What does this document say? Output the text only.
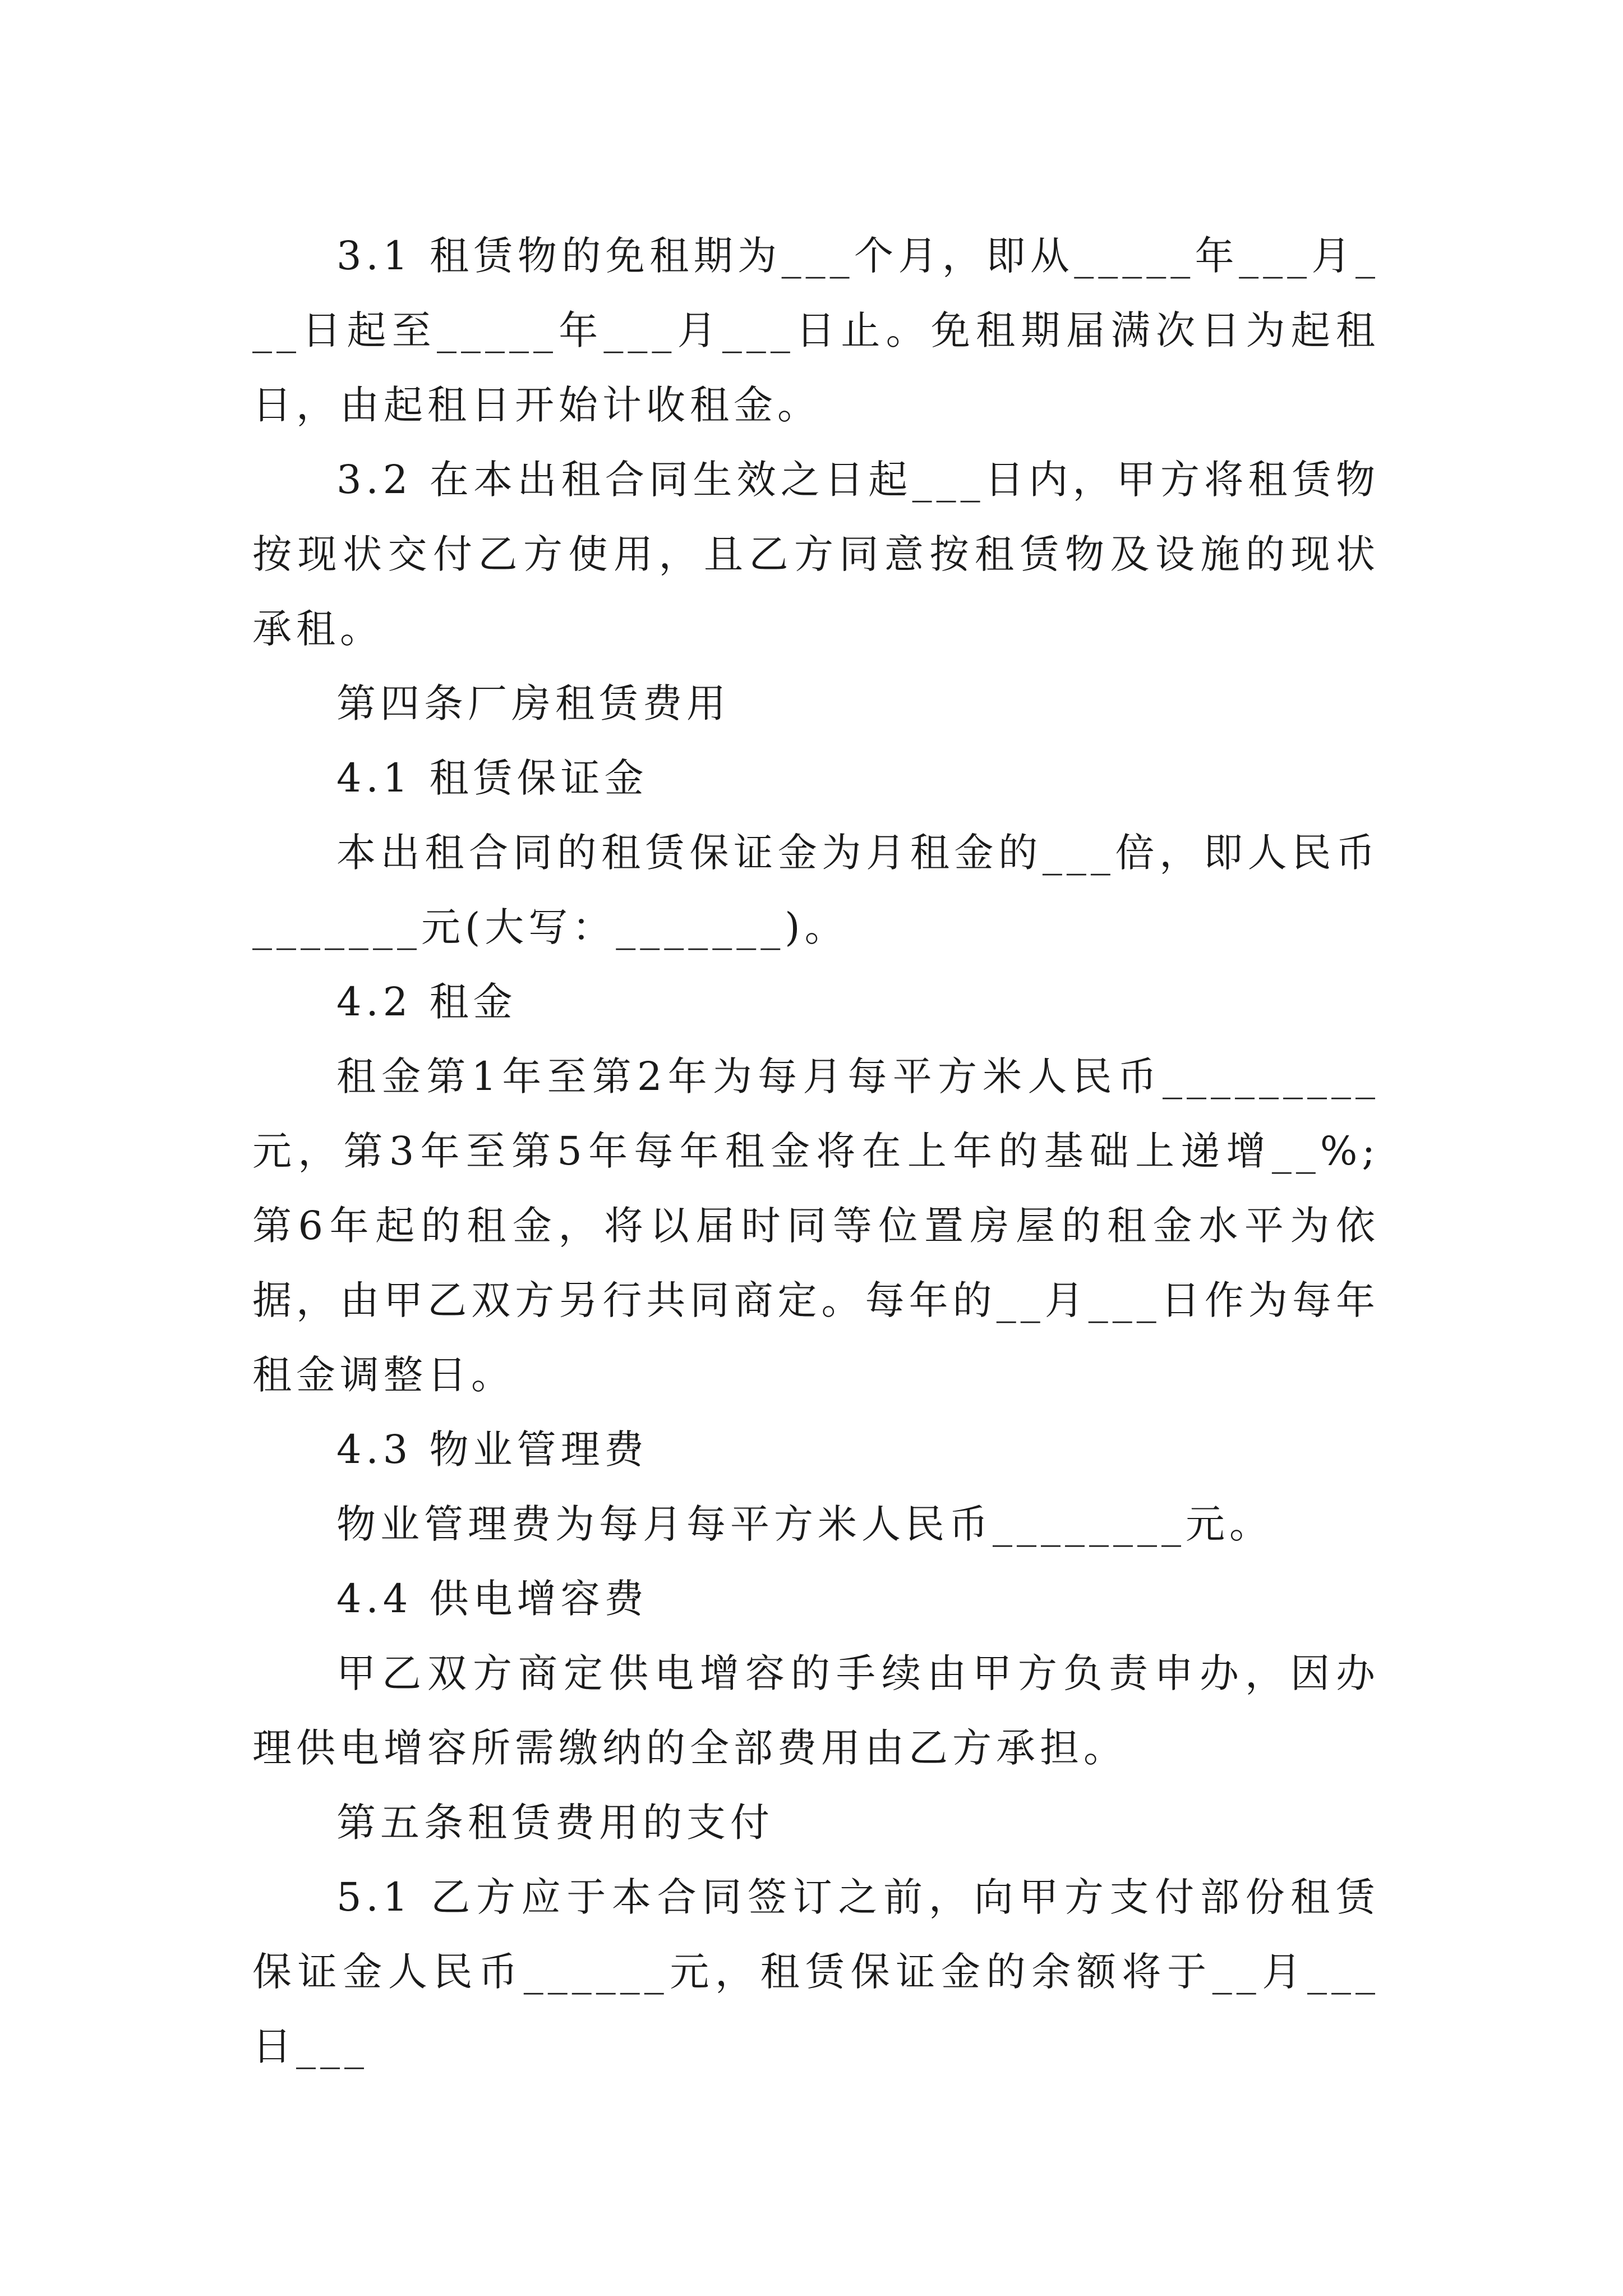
3.1 租赁物的免租期为___个月，即从_____年___月___日起至_____年___月___日止。免租期届满次日为起租日，由起租日开始计收租金。

3.2 在本出租合同生效之日起___日内，甲方将租赁物按现状交付乙方使用，且乙方同意按租赁物及设施的现状承租。

第四条厂房租赁费用

4.1 租赁保证金

本出租合同的租赁保证金为月租金的___倍，即人民币_______元(大写：_______)。

4.2 租金

租金第1年至第2年为每月每平方米人民币_________元，第3年至第5年每年租金将在上年的基础上递增__%;第6年起的租金，将以届时同等位置房屋的租金水平为依据，由甲乙双方另行共同商定。每年的__月___日作为每年租金调整日。

4.3 物业管理费

物业管理费为每月每平方米人民币________元。

4.4 供电增容费

甲乙双方商定供电增容的手续由甲方负责申办，因办理供电增容所需缴纳的全部费用由乙方承担。

第五条租赁费用的支付

5.1 乙方应于本合同签订之前，向甲方支付部份租赁保证金人民币______元，租赁保证金的余额将于__月___日___
